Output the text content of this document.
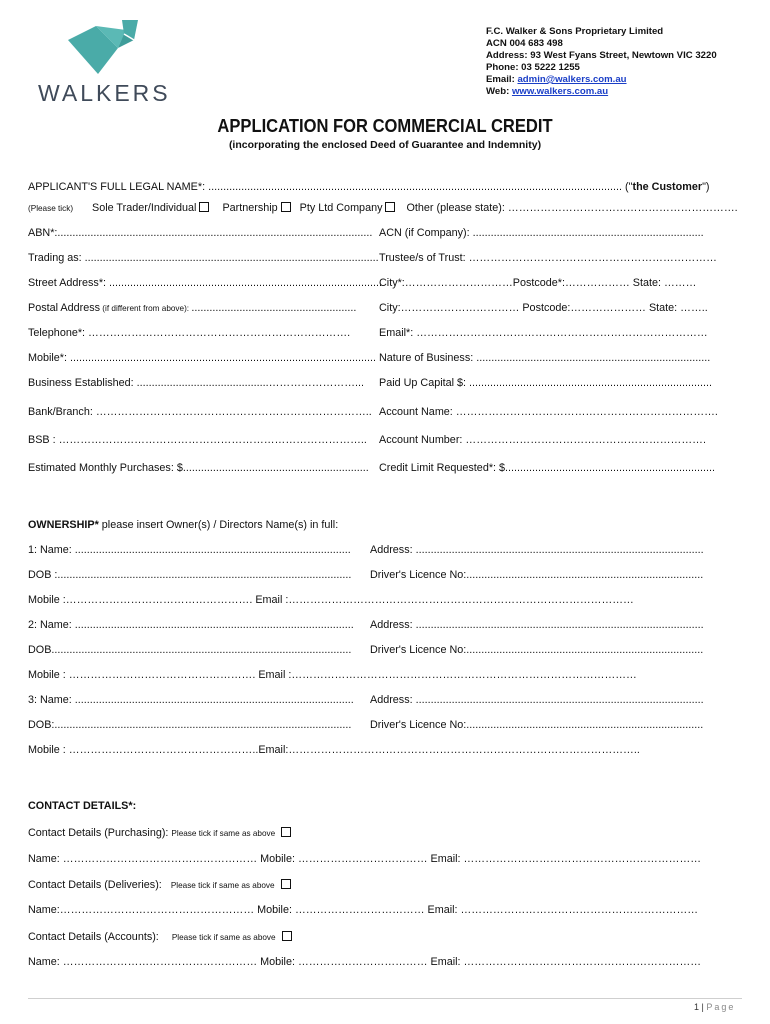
WALKERS
F.C. Walker & Sons Proprietary Limited
ACN 004 683 498
Address: 93 West Fyans Street, Newtown VIC 3220
Phone: 03 5222 1255
Email: admin@walkers.com.au
Web: www.walkers.com.au
APPLICATION FOR COMMERCIAL CREDIT
(incorporating the enclosed Deed of Guarantee and Indemnity)
APPLICANT'S FULL LEGAL NAME*: .......................................................................................................................................... ("the Customer")
(Please tick) Sole Trader/Individual Partnership Pty Ltd Company Other (please state): ……………………………………………………….
ABN*:.........................................................................................................
Trading as: ..................................................................................................
Street Address*: ...........................................................................................
Postal Address (if different from above): .......................................................
Telephone*: ……………………………………………………………….
Mobile*: ......................................................................................................
Business Established: ............................................……………………...
Bank/Branch: …………………………………………………………………..
BSB : …………………………………………………………………………..
Estimated Monthly Purchases: $..............................................................
ACN (if Company): .............................................................................
Trustee/s of Trust: ……………………………………………………………
City*:…………………………Postcode*:……………… State: ………
City:…………………………… Postcode:………………… State: ……..
Email*: ………………………………………………………………………
Nature of Business: ..............................................................................
Paid Up Capital $: .................................................................................
Account Name: ……………………………………………………………….
Account Number: ………………………………………………………….
Credit Limit Requested*: $......................................................................
OWNERSHIP* please insert Owner(s) / Directors Name(s) in full:
1: Name: ............................................................................................ Address: ................................................................................................
DOB :.................................................................................................. Driver's Licence No:...............................................................................
Mobile :……………………………………………. Email :……………………………………………………………………………………
2: Name: ............................................................................................. Address: ................................................................................................
DOB.................................................................................................... Driver's Licence No:...............................................................................
Mobile : ……………………………………………. Email :……………………………………………………………………………………
3: Name: ............................................................................................. Address: ................................................................................................
DOB:................................................................................................... Driver's Licence No:...............................................................................
Mobile : ……………………………………………..Email:……………………………………………………………………………………..
CONTACT DETAILS*:
Contact Details (Purchasing): Please tick if same as above
Name: ……………………………………………… Mobile: ……………………………… Email: …………………………………………………………
Contact Details (Deliveries): Please tick if same as above
Name:……………………………………………… Mobile: ……………………………… Email: …………………………………………………………
Contact Details (Accounts): Please tick if same as above
Name: ……………………………………………… Mobile: ……………………………… Email: …………………………………………………………
1 | Page
